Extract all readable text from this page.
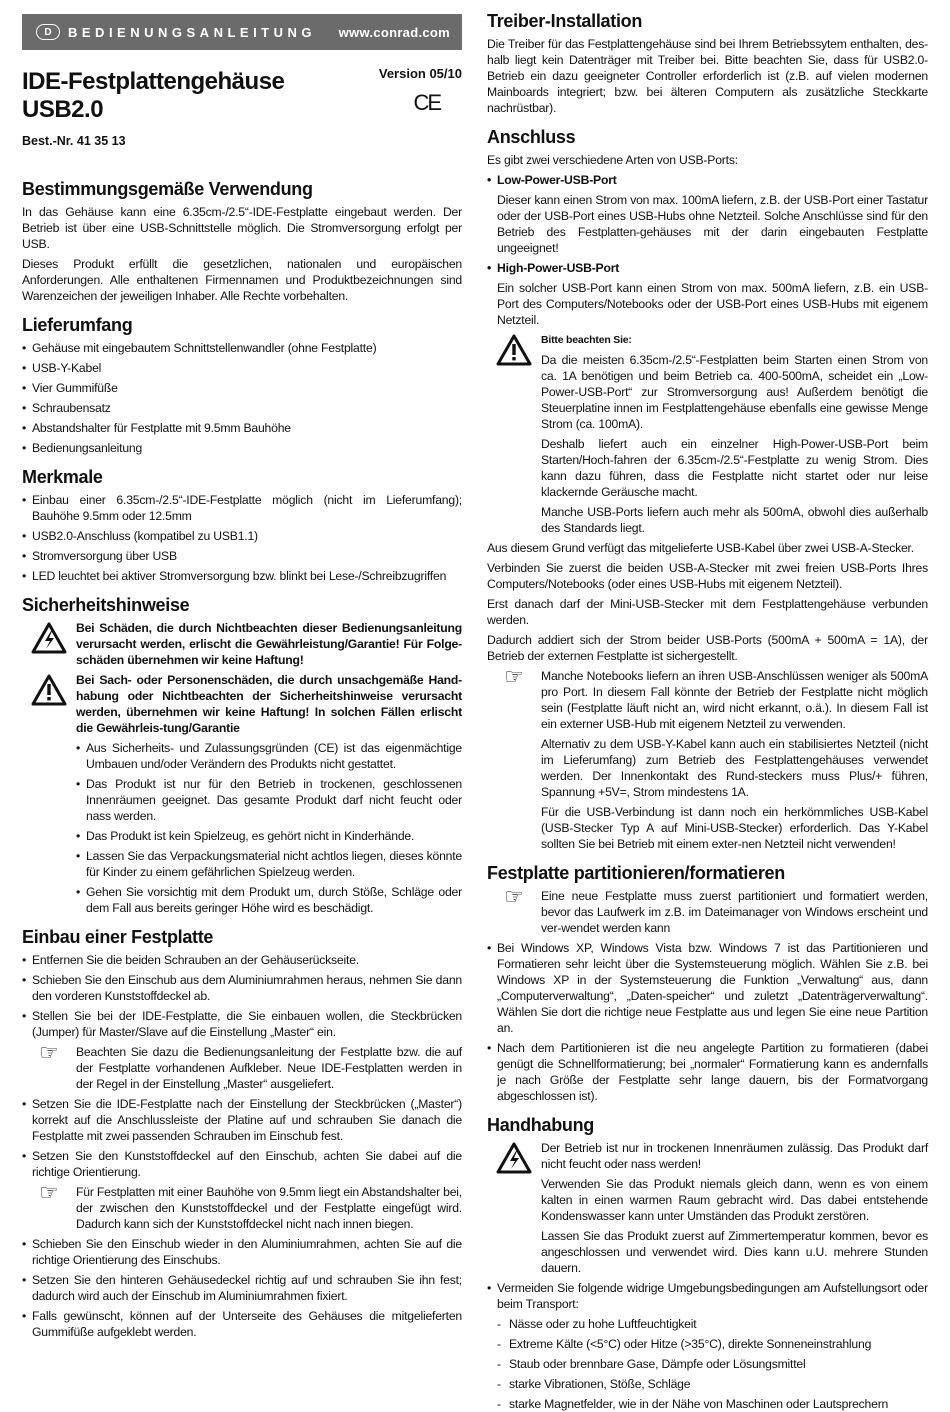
D	BEDIENUNGSANLEITUNG www.conrad.com
IDE-Festplattengehäuse
USB2.0
Version 05/10
CE
Best.-Nr. 41 35 13
Bestimmungsgemäße Verwendung

In das Gehäuse kann eine 6.35cm-/2.5“-IDE-Festplatte eingebaut werden. Der Betrieb ist über eine USB-Schnittstelle möglich. Die Stromversorgung erfolgt per USB.

Dieses Produkt erfüllt die gesetzlichen, nationalen und europäischen Anforderungen. Alle enthaltenen Firmennamen und Produktbezeichnungen sind Warenzeichen der jeweiligen Inhaber. Alle Rechte vorbehalten.

Lieferumfang
• Gehäuse mit eingebautem Schnittstellenwandler (ohne Festplatte)
• USB-Y-Kabel
• Vier Gummifüße
• Schraubensatz
• Abstandshalter für Festplatte mit 9.5mm Bauhöhe
• Bedienungsanleitung
Merkmale
• Einbau einer 6.35cm-/2.5“-IDE-Festplatte möglich (nicht im Lieferumfang); Bauhöhe 9.5mm oder 12.5mm
• USB2.0-Anschluss (kompatibel zu USB1.1)
• Stromversorgung über USB
• LED leuchtet bei aktiver Stromversorgung bzw. blinkt bei Lese-/Schreibzugriffen
Sicherheitshinweise

Bei Schäden, die durch Nichtbeachten dieser Bedienungsanleitung verursacht werden, erlischt die Gewährleistung/Garantie! Für Folge-schäden übernehmen wir keine Haftung!

Bei Sach- oder Personenschäden, die durch unsachgemäße Hand-habung oder Nichtbeachten der Sicherheitshinweise verursacht werden, übernehmen wir keine Haftung! In solchen Fällen erlischt die Gewährleis-tung/Garantie

• Aus Sicherheits- und Zulassungsgründen (CE) ist das eigenmächtige Umbauen und/oder Verändern des Produkts nicht gestattet.
• Das Produkt ist nur für den Betrieb in trockenen, geschlossenen Innenräumen geeignet. Das gesamte Produkt darf nicht feucht oder nass werden.
• Das Produkt ist kein Spielzeug, es gehört nicht in Kinderhände.
• Lassen Sie das Verpackungsmaterial nicht achtlos liegen, dieses könnte für Kinder zu einem gefährlichen Spielzeug werden.
• Gehen Sie vorsichtig mit dem Produkt um, durch Stöße, Schläge oder dem Fall aus bereits geringer Höhe wird es beschädigt.
Einbau einer Festplatte
• Entfernen Sie die beiden Schrauben an der Gehäuserückseite.
• Schieben Sie den Einschub aus dem Aluminiumrahmen heraus, nehmen Sie dann den vorderen Kunststoffdeckel ab.
• Stellen Sie bei der IDE-Festplatte, die Sie einbauen wollen, die Steckbrücken (Jumper) für Master/Slave auf die Einstellung „Master“ ein.
☞	Beachten Sie dazu die Bedienungsanleitung der Festplatte bzw. die auf der Festplatte vorhandenen Aufkleber. Neue IDE-Festplatten werden in der Regel in der Einstellung „Master“ ausgeliefert.

• Setzen Sie die IDE-Festplatte nach der Einstellung der Steckbrücken („Master“) korrekt auf die Anschlussleiste der Platine auf und schrauben Sie danach die Festplatte mit zwei passenden Schrauben im Einschub fest.
• Setzen Sie den Kunststoffdeckel auf den Einschub, achten Sie dabei auf die richtige Orientierung.
☞	Für Festplatten mit einer Bauhöhe von 9.5mm liegt ein Abstandshalter bei, der zwischen den Kunststoffdeckel und der Festplatte eingefügt wird. Dadurch kann sich der Kunststoffdeckel nicht nach innen biegen.

• Schieben Sie den Einschub wieder in den Aluminiumrahmen, achten Sie auf die richtige Orientierung des Einschubs.
• Setzen Sie den hinteren Gehäusedeckel richtig auf und schrauben Sie ihn fest; dadurch wird auch der Einschub im Aluminiumrahmen fixiert.
• Falls gewünscht, können auf der Unterseite des Gehäuses die mitgelieferten Gummifüße aufgeklebt werden.
Treiber-Installation

Die Treiber für das Festplattengehäuse sind bei Ihrem Betriebssytem enthalten, des-halb liegt kein Datenträger mit Treiber bei. Bitte beachten Sie, dass für USB2.0-Betrieb ein dazu geeigneter Controller erforderlich ist (z.B. auf vielen modernen Mainboards integriert; bzw. bei älteren Computern als zusätzliche Steckkarte nachrüstbar).

Anschluss

Es gibt zwei verschiedene Arten von USB-Ports:

• Low-Power-USB-Port

Dieser kann einen Strom von max. 100mA liefern, z.B. der USB-Port einer Tastatur oder der USB-Port eines USB-Hubs ohne Netzteil. Solche Anschlüsse sind für den Betrieb des Festplatten-gehäuses mit der darin eingebauten Festplatte ungeeignet!

• High-Power-USB-Port

Ein solcher USB-Port kann einen Strom von max. 500mA liefern, z.B. ein USB-Port des Computers/Notebooks oder der USB-Port eines USB-Hubs mit eigenem Netzteil.

Bitte beachten Sie:

Da die meisten 6.35cm-/2.5“-Festplatten beim Starten einen Strom von ca. 1A benötigen und beim Betrieb ca. 400-500mA, scheidet ein „Low-Power-USB-Port“ zur Stromversorgung aus! Außerdem benötigt die Steuerplatine innen im Festplattengehäuse ebenfalls eine gewisse Menge Strom (ca. 100mA).

Deshalb liefert auch ein einzelner High-Power-USB-Port beim Starten/Hoch-fahren der 6.35cm-/2.5“-Festplatte zu wenig Strom. Dies kann dazu führen, dass die Festplatte nicht startet oder nur leise klackernde Geräusche macht.

Manche USB-Ports liefern auch mehr als 500mA, obwohl dies außerhalb des Standards liegt.

Aus diesem Grund verfügt das mitgelieferte USB-Kabel über zwei USB-A-Stecker.

Verbinden Sie zuerst die beiden USB-A-Stecker mit zwei freien USB-Ports Ihres Computers/Notebooks (oder eines USB-Hubs mit eigenem Netzteil).

Erst danach darf der Mini-USB-Stecker mit dem Festplattengehäuse verbunden werden.

Dadurch addiert sich der Strom beider USB-Ports (500mA + 500mA = 1A), der Betrieb der externen Festplatte ist sichergestellt.

☞	Manche Notebooks liefern an ihren USB-Anschlüssen weniger als 500mA pro Port. In diesem Fall könnte der Betrieb der Festplatte nicht möglich sein (Festplatte läuft nicht an, wird nicht erkannt, o.ä.). In diesem Fall ist ein externer USB-Hub mit eigenem Netzteil zu verwenden.

Alternativ zu dem USB-Y-Kabel kann auch ein stabilisiertes Netzteil (nicht im Lieferumfang) zum Betrieb des Festplattengehäuses verwendet werden. Der Innenkontakt des Rund-steckers muss Plus/+ führen, Spannung +5V=, Strom mindestens 1A.

Für die USB-Verbindung ist dann noch ein herkömmliches USB-Kabel (USB-Stecker Typ A auf Mini-USB-Stecker) erforderlich. Das Y-Kabel sollten Sie bei Betrieb mit einem exter-nen Netzteil nicht verwenden!

Festplatte partitionieren/formatieren
☞	Eine neue Festplatte muss zuerst partitioniert und formatiert werden, bevor das Laufwerk im z.B. im Dateimanager von Windows erscheint und ver-wendet werden kann

• Bei Windows XP, Windows Vista bzw. Windows 7 ist das Partitionieren und Formatieren sehr leicht über die Systemsteuerung möglich. Wählen Sie z.B. bei Windows XP in der Systemsteuerung die Funktion „Verwaltung“ aus, dann „Computerverwaltung“, „Daten-speicher“ und zuletzt „Datenträgerverwaltung“. Wählen Sie dort die richtige neue Festplatte aus und legen Sie eine neue Partition an.
• Nach dem Partitionieren ist die neu angelegte Partition zu formatieren (dabei genügt die Schnellformatierung; bei „normaler“ Formatierung kann es andernfalls je nach Größe der Festplatte sehr lange dauern, bis der Formatvorgang abgeschlossen ist).
Handhabung

Der Betrieb ist nur in trockenen Innenräumen zulässig. Das Produkt darf nicht feucht oder nass werden!

Verwenden Sie das Produkt niemals gleich dann, wenn es von einem kalten in einen warmen Raum gebracht wird. Das dabei entstehende Kondenswasser kann unter Umständen das Produkt zerstören.

Lassen Sie das Produkt zuerst auf Zimmertemperatur kommen, bevor es angeschlossen und verwendet wird. Dies kann u.U. mehrere Stunden dauern.

• Vermeiden Sie folgende widrige Umgebungsbedingungen am Aufstellungsort oder beim Transport:
- Nässe oder zu hohe Luftfeuchtigkeit
- Extreme Kälte (<5°C) oder Hitze (>35°C), direkte Sonneneinstrahlung
- Staub oder brennbare Gase, Dämpfe oder Lösungsmittel
- starke Vibrationen, Stöße, Schläge
- starke Magnetfelder, wie in der Nähe von Maschinen oder Lautsprechern
